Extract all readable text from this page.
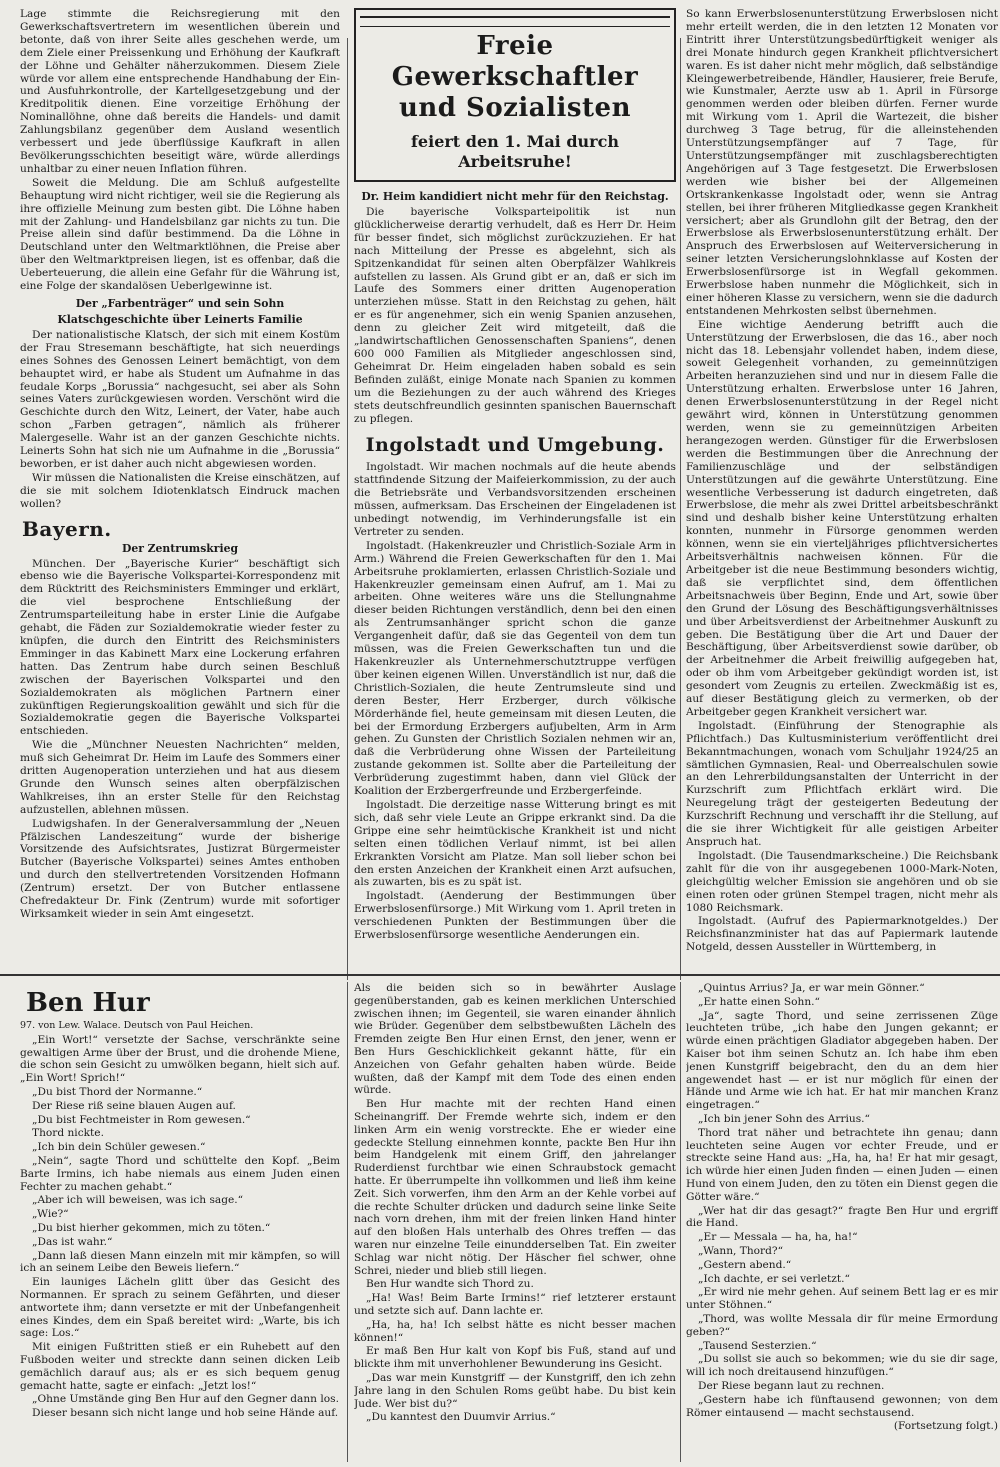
Lage stimmte die Reichsregierung mit den Gewerkschaftsvertretern im wesentlichen überein und betonte, daß von ihrer Seite alles geschehen werde, um dem Ziele einer Preissenkung und Erhöhung der Kaufkraft der Löhne und Gehälter näherzukommen. Diesem Ziele würde vor allem eine entsprechende Handhabung der Ein- und Ausfuhrkontrolle, der Kartellgesetzgebung und der Kreditpolitik dienen. Eine vorzeitige Erhöhung der Nominallöhne, ohne daß bereits die Handels- und damit Zahlungsbilanz gegenüber dem Ausland wesentlich verbessert und jede überflüssige Kaufkraft in allen Bevölkerungsschichten beseitigt wäre, würde allerdings unhaltbar zu einer neuen Inflation führen.

Soweit die Meldung. Die am Schluß aufgestellte Behauptung wird nicht richtiger, weil sie die Regierung als ihre offizielle Meinung zum besten gibt. Die Löhne haben mit der Zahlung- und Handelsbilanz gar nichts zu tun. Die Preise allein sind dafür bestimmend. Da die Löhne in Deutschland unter den Weltmarktlöhnen, die Preise aber über den Weltmarktpreisen liegen, ist es offenbar, daß die Ueberteuerung, die allein eine Gefahr für die Währung ist, eine Folge der skandalösen Ueberlgewinne ist.

Der „Farbenträger“ und sein Sohn
Klatschgeschichte über Leinerts Familie

Der nationalistische Klatsch, der sich mit einem Kostüm der Frau Stresemann beschäftigte, hat sich neuerdings eines Sohnes des Genossen Leinert bemächtigt, von dem behauptet wird, er habe als Student um Aufnahme in das feudale Korps „Borussia“ nachgesucht, sei aber als Sohn seines Vaters zurückgewiesen worden. Verschönt wird die Geschichte durch den Witz, Leinert, der Vater, habe auch schon „Farben getragen“, nämlich als früherer Malergeselle. Wahr ist an der ganzen Geschichte nichts. Leinerts Sohn hat sich nie um Aufnahme in die „Borussia“ beworben, er ist daher auch nicht abgewiesen worden.

Wir müssen die Nationalisten die Kreise einschätzen, auf die sie mit solchem Idiotenklatsch Eindruck machen wollen?

Bayern.
Der Zentrumskrieg

München. Der „Bayerische Kurier“ beschäftigt sich ebenso wie die Bayerische Volkspartei-Korrespondenz mit dem Rücktritt des Reichsministers Emminger und erklärt, die viel besprochene Entschließung der Zentrumsparteileitung habe in erster Linie die Aufgabe gehabt, die Fäden zur Sozialdemokratie wieder fester zu knüpfen, die durch den Eintritt des Reichsministers Emminger in das Kabinett Marx eine Lockerung erfahren hatten. Das Zentrum habe durch seinen Beschluß zwischen der Bayerischen Volkspartei und den Sozialdemokraten als möglichen Partnern einer zukünftigen Regierungskoalition gewählt und sich für die Sozialdemokratie gegen die Bayerische Volkspartei entschieden.

Wie die „Münchner Neuesten Nachrichten“ melden, muß sich Geheimrat Dr. Heim im Laufe des Sommers einer dritten Augenoperation unterziehen und hat aus diesem Grunde den Wunsch seines alten oberpfälzischen Wahlkreises, ihn an erster Stelle für den Reichstag aufzustellen, ablehnen müssen.

Ludwigshafen. In der Generalversammlung der „Neuen Pfälzischen Landeszeitung“ wurde der bisherige Vorsitzende des Aufsichtsrates, Justizrat Bürgermeister Butcher (Bayerische Volkspartei) seines Amtes enthoben und durch den stellvertretenden Vorsitzenden Hofmann (Zentrum) ersetzt. Der von Butcher entlassene Chefredakteur Dr. Fink (Zentrum) wurde mit sofortiger Wirksamkeit wieder in sein Amt eingesetzt.

Freie Gewerkschaftler
und Sozialisten
feiert den 1. Mai durch Arbeitsruhe!
Dr. Heim kandidiert nicht mehr für den Reichstag.

Die bayerische Volksparteipolitik ist nun glücklicherweise derartig verhudelt, daß es Herr Dr. Heim für besser findet, sich möglichst zurückzuziehen. Er hat nach Mitteilung der Presse es abgelehnt, sich als Spitzenkandidat für seinen alten Oberpfälzer Wahlkreis aufstellen zu lassen. Als Grund gibt er an, daß er sich im Laufe des Sommers einer dritten Augenoperation unterziehen müsse. Statt in den Reichstag zu gehen, hält er es für angenehmer, sich ein wenig Spanien anzusehen, denn zu gleicher Zeit wird mitgeteilt, daß die „landwirtschaftlichen Genossenschaften Spaniens“, denen 600 000 Familien als Mitglieder angeschlossen sind, Geheimrat Dr. Heim eingeladen haben sobald es sein Befinden zuläßt, einige Monate nach Spanien zu kommen um die Beziehungen zu der auch während des Krieges stets deutschfreundlich gesinnten spanischen Bauernschaft zu pflegen.

Ingolstadt und Umgebung.

Ingolstadt. Wir machen nochmals auf die heute abends stattfindende Sitzung der Maifeierkommission, zu der auch die Betriebsräte und Verbandsvorsitzenden erscheinen müssen, aufmerksam. Das Erscheinen der Eingeladenen ist unbedingt notwendig, im Verhinderungsfalle ist ein Vertreter zu senden.

Ingolstadt. (Hakenkreuzler und Christlich-Soziale Arm in Arm.) Während die Freien Gewerkschaften für den 1. Mai Arbeitsruhe proklamierten, erlassen Christlich-Soziale und Hakenkreuzler gemeinsam einen Aufruf, am 1. Mai zu arbeiten. Ohne weiteres wäre uns die Stellungnahme dieser beiden Richtungen verständlich, denn bei den einen als Zentrumsanhänger spricht schon die ganze Vergangenheit dafür, daß sie das Gegenteil von dem tun müssen, was die Freien Gewerkschaften tun und die Hakenkreuzler als Unternehmerschutztruppe verfügen über keinen eigenen Willen. Unverständlich ist nur, daß die Christlich-Sozialen, die heute Zentrumsleute sind und deren Bester, Herr Erzberger, durch völkische Mörderhände fiel, heute gemeinsam mit diesen Leuten, die bei der Ermordung Erzbergers aufjubelten, Arm in Arm gehen. Zu Gunsten der Christlich Sozialen nehmen wir an, daß die Verbrüderung ohne Wissen der Parteileitung zustande gekommen ist. Sollte aber die Parteileitung der Verbrüderung zugestimmt haben, dann viel Glück der Koalition der Erzbergerfreunde und Erzbergerfeinde.

Ingolstadt. Die derzeitige nasse Witterung bringt es mit sich, daß sehr viele Leute an Grippe erkrankt sind. Da die Grippe eine sehr heimtückische Krankheit ist und nicht selten einen tödlichen Verlauf nimmt, ist bei allen Erkrankten Vorsicht am Platze. Man soll lieber schon bei den ersten Anzeichen der Krankheit einen Arzt aufsuchen, als zuwarten, bis es zu spät ist.

Ingolstadt. (Aenderung der Bestimmungen über Erwerbslosenfürsorge.) Mit Wirkung vom 1. April treten in verschiedenen Punkten der Bestimmungen über die Erwerbslosenfürsorge wesentliche Aenderungen ein.

So kann Erwerbslosenunterstützung Erwerbslosen nicht mehr erteilt werden, die in den letzten 12 Monaten vor Eintritt ihrer Unterstützungsbedürftigkeit weniger als drei Monate hindurch gegen Krankheit pflichtversichert waren. Es ist daher nicht mehr möglich, daß selbständige Kleingewerbetreibende, Händler, Hausierer, freie Berufe, wie Kunstmaler, Aerzte usw ab 1. April in Fürsorge genommen werden oder bleiben dürfen. Ferner wurde mit Wirkung vom 1. April die Wartezeit, die bisher durchweg 3 Tage betrug, für die alleinstehenden Unterstützungsempfänger auf 7 Tage, für Unterstützungsempfänger mit zuschlagsberechtigten Angehörigen auf 3 Tage festgesetzt. Die Erwerbslosen werden wie bisher bei der Allgemeinen Ortskrankenkasse Ingolstadt oder, wenn sie Antrag stellen, bei ihrer früheren Mitgliedkasse gegen Krankheit versichert; aber als Grundlohn gilt der Betrag, den der Erwerbslose als Erwerbslosenunterstützung erhält. Der Anspruch des Erwerbslosen auf Weiterversicherung in seiner letzten Versicherungslohnklasse auf Kosten der Erwerbslosenfürsorge ist in Wegfall gekommen. Erwerbslose haben nunmehr die Möglichkeit, sich in einer höheren Klasse zu versichern, wenn sie die dadurch entstandenen Mehrkosten selbst übernehmen.

Eine wichtige Aenderung betrifft auch die Unterstützung der Erwerbslosen, die das 16., aber noch nicht das 18. Lebensjahr vollendet haben, indem diese, soweit Gelegenheit vorhanden, zu gemeinnützigen Arbeiten heranzuziehen sind und nur in diesem Falle die Unterstützung erhalten. Erwerbslose unter 16 Jahren, denen Erwerbslosenunterstützung in der Regel nicht gewährt wird, können in Unterstützung genommen werden, wenn sie zu gemeinnützigen Arbeiten herangezogen werden. Günstiger für die Erwerbslosen werden die Bestimmungen über die Anrechnung der Familienzuschläge und der selbständigen Unterstützungen auf die gewährte Unterstützung. Eine wesentliche Verbesserung ist dadurch eingetreten, daß Erwerbslose, die mehr als zwei Drittel arbeitsbeschränkt sind und deshalb bisher keine Unterstützung erhalten konnten, nunmehr in Fürsorge genommen werden können, wenn sie ein vierteljähriges pflichtversichertes Arbeitsverhältnis nachweisen können. Für die Arbeitgeber ist die neue Bestimmung besonders wichtig, daß sie verpflichtet sind, dem öffentlichen Arbeitsnachweis über Beginn, Ende und Art, sowie über den Grund der Lösung des Beschäftigungsverhältnisses und über Arbeitsverdienst der Arbeitnehmer Auskunft zu geben. Die Bestätigung über die Art und Dauer der Beschäftigung, über Arbeitsverdienst sowie darüber, ob der Arbeitnehmer die Arbeit freiwillig aufgegeben hat, oder ob ihm vom Arbeitgeber gekündigt worden ist, ist gesondert vom Zeugnis zu erteilen. Zweckmäßig ist es, auf dieser Bestätigung gleich zu vermerken, ob der Arbeitgeber gegen Krankheit versichert war.

Ingolstadt. (Einführung der Stenographie als Pflichtfach.) Das Kultusministerium veröffentlicht drei Bekanntmachungen, wonach vom Schuljahr 1924/25 an sämtlichen Gymnasien, Real- und Oberrealschulen sowie an den Lehrerbildungsanstalten der Unterricht in der Kurzschrift zum Pflichtfach erklärt wird. Die Neuregelung trägt der gesteigerten Bedeutung der Kurzschrift Rechnung und verschafft ihr die Stellung, auf die sie ihrer Wichtigkeit für alle geistigen Arbeiter Anspruch hat.

Ingolstadt. (Die Tausendmarkscheine.) Die Reichsbank zahlt für die von ihr ausgegebenen 1000-Mark-Noten, gleichgültig welcher Emission sie angehören und ob sie einen roten oder grünen Stempel tragen, nicht mehr als 1080 Reichsmark.

Ingolstadt. (Aufruf des Papiermarknotgeldes.) Der Reichsfinanzminister hat das auf Papiermark lautende Notgeld, dessen Aussteller in Württemberg, in

Ben Hur

97. von Lew. Walace. Deutsch von Paul Heichen.

„Ein Wort!“ versetzte der Sachse, verschränkte seine gewaltigen Arme über der Brust, und die drohende Miene, die schon sein Gesicht zu umwölken begann, hielt sich auf. „Ein Wort! Sprich!“

„Du bist Thord der Normanne.“

Der Riese riß seine blauen Augen auf.

„Du bist Fechtmeister in Rom gewesen.“

Thord nickte.

„Ich bin dein Schüler gewesen.“

„Nein“, sagte Thord und schüttelte den Kopf. „Beim Barte Irmins, ich habe niemals aus einem Juden einen Fechter zu machen gehabt.“

„Aber ich will beweisen, was ich sage.“

„Wie?“

„Du bist hierher gekommen, mich zu töten.“

„Das ist wahr.“

„Dann laß diesen Mann einzeln mit mir kämpfen, so will ich an seinem Leibe den Beweis liefern.“

Ein launiges Lächeln glitt über das Gesicht des Normannen. Er sprach zu seinem Gefährten, und dieser antwortete ihm; dann versetzte er mit der Unbefangenheit eines Kindes, dem ein Spaß bereitet wird: „Warte, bis ich sage: Los.“

Mit einigen Fußtritten stieß er ein Ruhebett auf den Fußboden weiter und streckte dann seinen dicken Leib gemächlich darauf aus; als er es sich bequem genug gemacht hatte, sagte er einfach: „Jetzt los!“

„Ohne Umstände ging Ben Hur auf den Gegner dann los.

Dieser besann sich nicht lange und hob seine Hände auf.

Als die beiden sich so in bewährter Auslage gegenüberstanden, gab es keinen merklichen Unterschied zwischen ihnen; im Gegenteil, sie waren einander ähnlich wie Brüder. Gegenüber dem selbstbewußten Lächeln des Fremden zeigte Ben Hur einen Ernst, den jener, wenn er Ben Hurs Geschicklichkeit gekannt hätte, für ein Anzeichen von Gefahr gehalten haben würde. Beide wußten, daß der Kampf mit dem Tode des einen enden würde.

Ben Hur machte mit der rechten Hand einen Scheinangriff. Der Fremde wehrte sich, indem er den linken Arm ein wenig vorstreckte. Ehe er wieder eine gedeckte Stellung einnehmen konnte, packte Ben Hur ihn beim Handgelenk mit einem Griff, den jahrelanger Ruderdienst furchtbar wie einen Schraubstock gemacht hatte. Er überrumpelte ihn vollkommen und ließ ihm keine Zeit. Sich vorwerfen, ihm den Arm an der Kehle vorbei auf die rechte Schulter drücken und dadurch seine linke Seite nach vorn drehen, ihm mit der freien linken Hand hinter auf den bloßen Hals unterhalb des Ohres treffen — das waren nur einzelne Teile einundderselben Tat. Ein zweiter Schlag war nicht nötig. Der Häscher fiel schwer, ohne Schrei, nieder und blieb still liegen.

Ben Hur wandte sich Thord zu.

„Ha! Was! Beim Barte Irmins!“ rief letzterer erstaunt und setzte sich auf. Dann lachte er.

„Ha, ha, ha! Ich selbst hätte es nicht besser machen können!“

Er maß Ben Hur kalt von Kopf bis Fuß, stand auf und blickte ihm mit unverhohlener Bewunderung ins Gesicht.

„Das war mein Kunstgriff — der Kunstgriff, den ich zehn Jahre lang in den Schulen Roms geübt habe. Du bist kein Jude. Wer bist du?“

„Du kanntest den Duumvir Arrius.“

„Quintus Arrius? Ja, er war mein Gönner.“

„Er hatte einen Sohn.“

„Ja“, sagte Thord, und seine zerrissenen Züge leuchteten trübe, „ich habe den Jungen gekannt; er würde einen prächtigen Gladiator abgegeben haben. Der Kaiser bot ihm seinen Schutz an. Ich habe ihm eben jenen Kunstgriff beigebracht, den du an dem hier angewendet hast — er ist nur möglich für einen der Hände und Arme wie ich hat. Er hat mir manchen Kranz eingetragen.“

„Ich bin jener Sohn des Arrius.“

Thord trat näher und betrachtete ihn genau; dann leuchteten seine Augen vor echter Freude, und er streckte seine Hand aus: „Ha, ha, ha! Er hat mir gesagt, ich würde hier einen Juden finden — einen Juden — einen Hund von einem Juden, den zu töten ein Dienst gegen die Götter wäre.“

„Wer hat dir das gesagt?“ fragte Ben Hur und ergriff die Hand.

„Er — Messala — ha, ha, ha!“

„Wann, Thord?“

„Gestern abend.“

„Ich dachte, er sei verletzt.“

„Er wird nie mehr gehen. Auf seinem Bett lag er es mir unter Stöhnen.“

„Thord, was wollte Messala dir für meine Ermordung geben?“

„Tausend Sesterzien.“

„Du sollst sie auch so bekommen; wie du sie dir sage, will ich noch dreitausend hinzufügen.“

Der Riese begann laut zu rechnen.

„Gestern habe ich fünftausend gewonnen; von dem Römer eintausend — macht sechstausend.

(Fortsetzung folgt.)
